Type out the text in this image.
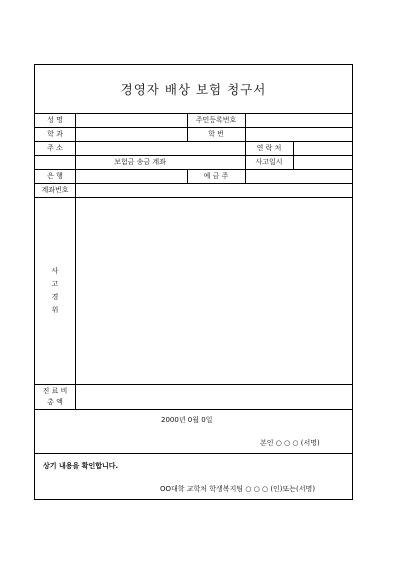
경영자 배상 보험 청구서
성 명	주민등록번호
학 과	학 번
주 소	연 락 처
보험금 송금 계좌	사고일시
은 행	예 금 주
계좌번호
사
고
경
위
진 료 비
총 액
2000년 0월 0일
본인 ○ ○ ○ (서명)
상기 내용을 확인합니다.
OO대학 교학처 학생복지팀 ○ ○ ○ (인)또는(서명)
